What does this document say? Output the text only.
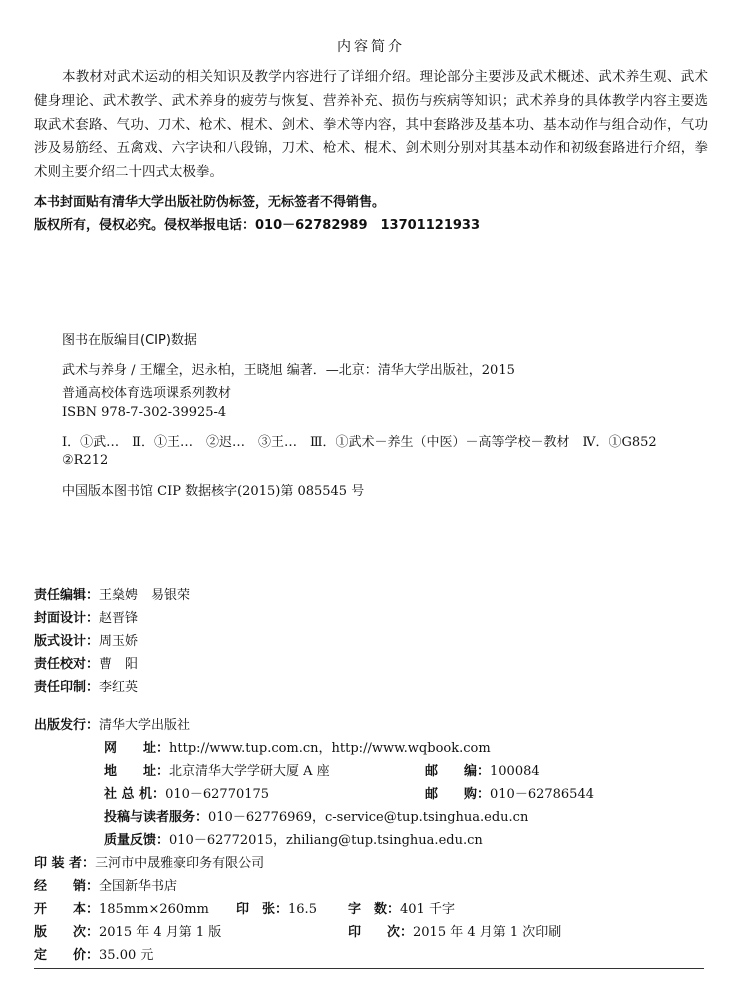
内容简介
本教材对武术运动的相关知识及教学内容进行了详细介绍。理论部分主要涉及武术概述、武术养生观、武术健身理论、武术教学、武术养身的疲劳与恢复、营养补充、损伤与疾病等知识；武术养身的具体教学内容主要选取武术套路、气功、刀术、枪术、棍术、剑术、拳术等内容，其中套路涉及基本功、基本动作与组合动作，气功涉及易筋经、五禽戏、六字诀和八段锦，刀术、枪术、棍术、剑术则分别对其基本动作和初级套路进行介绍，拳术则主要介绍二十四式太极拳。
本书封面贴有清华大学出版社防伪标签，无标签者不得销售。
版权所有，侵权必究。侵权举报电话：010－62782989　13701121933
图书在版编目(CIP)数据
武术与养身 / 王耀全，迟永柏，王晓旭 编著．—北京：清华大学出版社，2015
普通高校体育选项课系列教材
ISBN 978-7-302-39925-4
Ⅰ．①武…　Ⅱ．①王…　②迟…　③王…　Ⅲ．①武术－养生（中医）－高等学校－教材　Ⅳ．①G852
②R212
中国版本图书馆 CIP 数据核字(2015)第 085545 号
责任编辑：王燊娉　易银荣
封面设计：赵晋锋
版式设计：周玉娇
责任校对：曹　阳
责任印制：李红英
出版发行：清华大学出版社
网　　址：http://www.tup.com.cn，http://www.wqbook.com
地　　址：北京清华大学学研大厦 A 座	邮　　编：100084
社 总 机：010－62770175	邮　　购：010－62786544
投稿与读者服务：010－62776969，c-service@tup.tsinghua.edu.cn
质量反馈：010－62772015，zhiliang@tup.tsinghua.edu.cn
印 装 者：三河市中晟雅豪印务有限公司
经　　销：全国新华书店
开　　本：185mm×260mm 印　张：16.5 字　数：401 千字
版　　次：2015 年 4 月第 1 版	印　　次：2015 年 4 月第 1 次印刷
定　　价：35.00 元
